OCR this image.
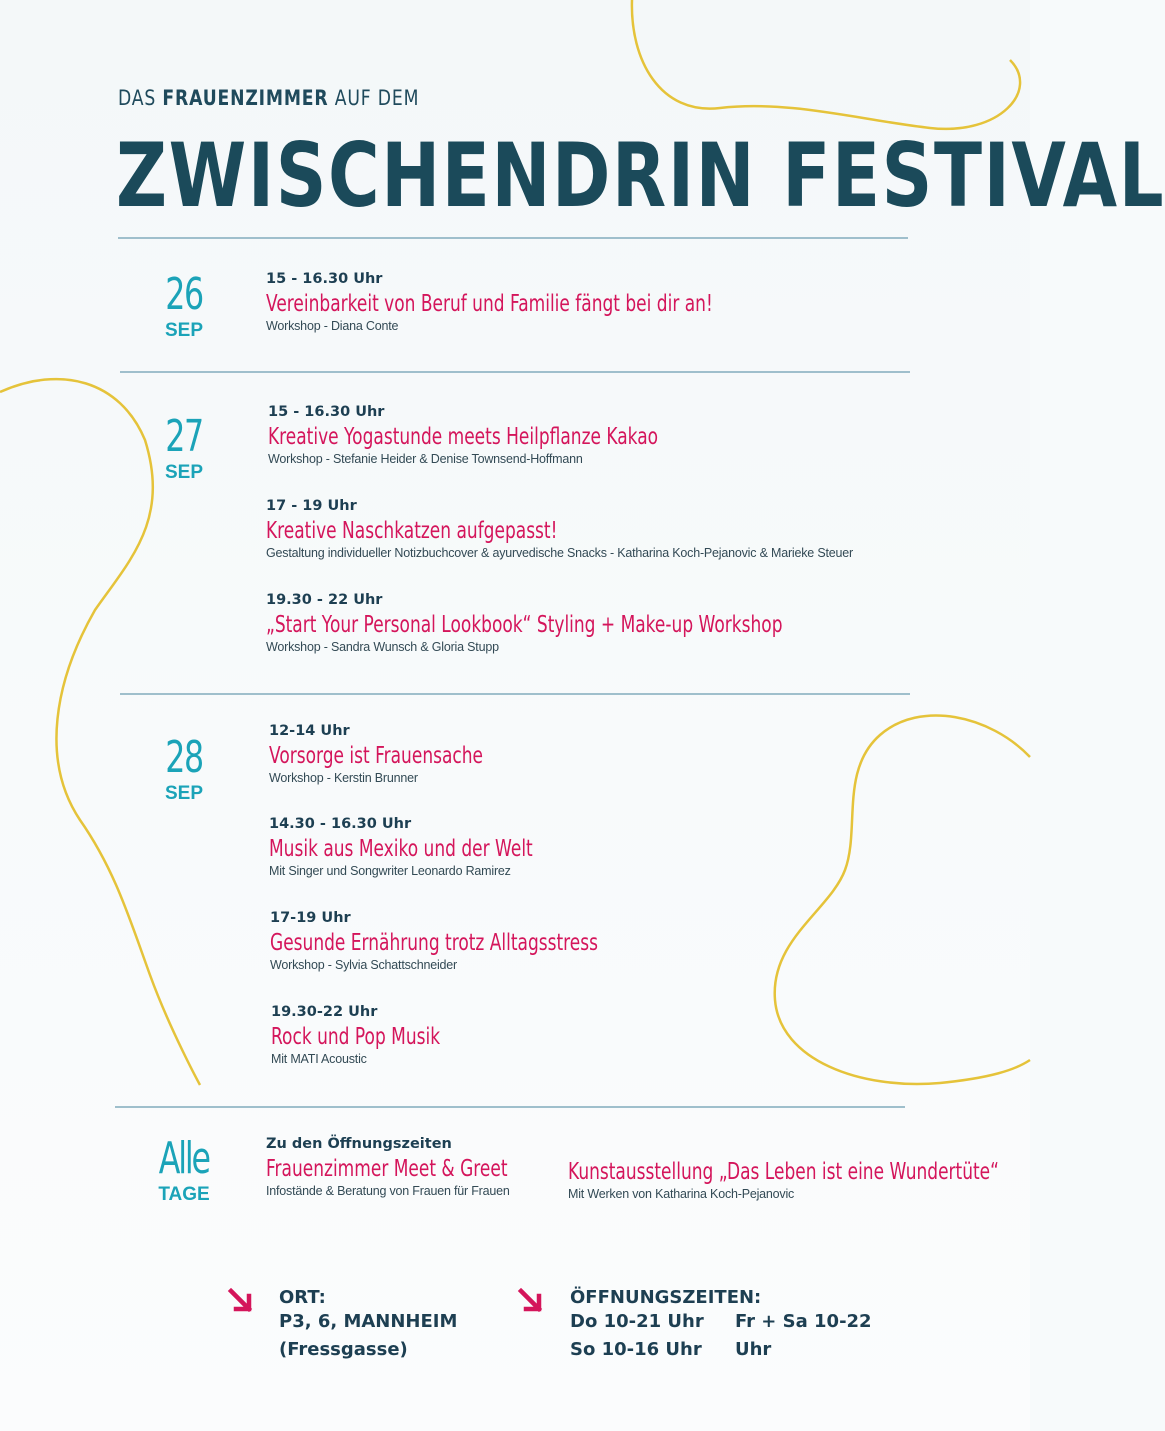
DAS FRAUENZIMMER AUF DEM
ZWISCHENDRIN FESTIVAL
26
SEP
15 - 16.30 Uhr
Vereinbarkeit von Beruf und Familie fängt bei dir an!
Workshop - Diana Conte
27
SEP
15 - 16.30 Uhr
Kreative Yogastunde meets Heilpflanze Kakao
Workshop - Stefanie Heider & Denise Townsend-Hoffmann
17 - 19 Uhr
Kreative Naschkatzen aufgepasst!
Gestaltung individueller Notizbuchcover & ayurvedische Snacks - Katharina Koch-Pejanovic & Marieke Steuer
19.30 - 22 Uhr
„Start Your Personal Lookbook“ Styling + Make-up Workshop
Workshop - Sandra Wunsch & Gloria Stupp
28
SEP
12-14 Uhr
Vorsorge ist Frauensache
Workshop - Kerstin Brunner
14.30 - 16.30 Uhr
Musik aus Mexiko und der Welt
Mit Singer und Songwriter Leonardo Ramirez
17-19 Uhr
Gesunde Ernährung trotz Alltagsstress
Workshop - Sylvia Schattschneider
19.30-22 Uhr
Rock und Pop Musik
Mit MATI Acoustic
Alle
TAGE
Zu den Öffnungszeiten
Frauenzimmer Meet & Greet
Infostände & Beratung von Frauen für Frauen
Kunstausstellung „Das Leben ist eine Wundertüte“
Mit Werken von Katharina Koch-Pejanovic
ORT:
P3, 6, MANNHEIM
(Fressgasse)
ÖFFNUNGSZEITEN:
Do 10-21 Uhr Fr + Sa 10-22 Uhr
So 10-16 Uhr
